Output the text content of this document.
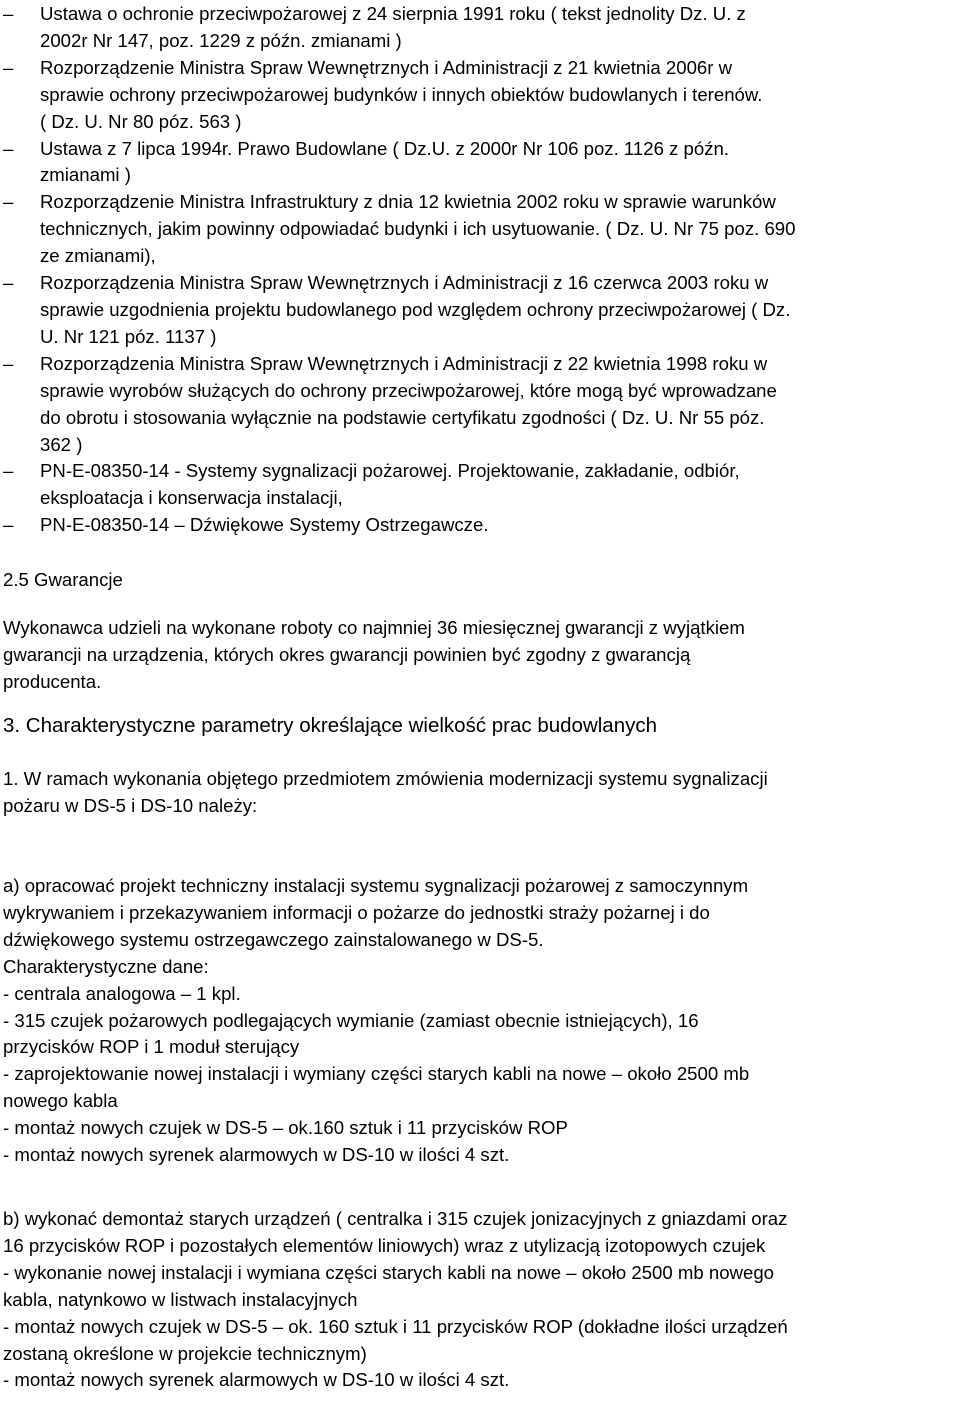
– Ustawa o ochronie przeciwpożarowej z 24 sierpnia 1991 roku ( tekst jednolity Dz. U. z
2002r Nr 147, poz. 1229 z późn. zmianami )
– Rozporządzenie Ministra Spraw Wewnętrznych i Administracji z 21 kwietnia 2006r w
sprawie ochrony przeciwpożarowej budynków i innych obiektów budowlanych i terenów.
( Dz. U. Nr 80 póz. 563 )
– Ustawa z 7 lipca 1994r. Prawo Budowlane ( Dz.U. z 2000r Nr 106 poz. 1126 z późn.
zmianami )
– Rozporządzenie Ministra Infrastruktury z dnia 12 kwietnia 2002 roku w sprawie warunków
technicznych, jakim powinny odpowiadać budynki i ich usytuowanie. ( Dz. U. Nr 75 poz. 690
ze zmianami),
– Rozporządzenia Ministra Spraw Wewnętrznych i Administracji z 16 czerwca 2003 roku w
sprawie uzgodnienia projektu budowlanego pod względem ochrony przeciwpożarowej ( Dz.
U. Nr 121 póz. 1137 )
– Rozporządzenia Ministra Spraw Wewnętrznych i Administracji z 22 kwietnia 1998 roku w
sprawie wyrobów służących do ochrony przeciwpożarowej, które mogą być wprowadzane
do obrotu i stosowania wyłącznie na podstawie certyfikatu zgodności ( Dz. U. Nr 55 póz.
362 )
– PN-E-08350-14 - Systemy sygnalizacji pożarowej. Projektowanie, zakładanie, odbiór,
eksploatacja i konserwacja instalacji,
– PN-E-08350-14 – Dźwiękowe Systemy Ostrzegawcze.
2.5 Gwarancje
Wykonawca udzieli na wykonane roboty co najmniej 36 miesięcznej gwarancji z wyjątkiem
gwarancji na urządzenia, których okres gwarancji powinien być zgodny z gwarancją
producenta.
3. Charakterystyczne parametry określające wielkość prac budowlanych
1. W ramach wykonania objętego przedmiotem zmówienia modernizacji systemu sygnalizacji
pożaru w DS-5 i DS-10 należy:
a) opracować projekt techniczny instalacji systemu sygnalizacji pożarowej z samoczynnym
wykrywaniem i przekazywaniem informacji o pożarze do jednostki straży pożarnej i do
dźwiękowego systemu ostrzegawczego zainstalowanego w DS-5.
Charakterystyczne dane:
- centrala analogowa – 1 kpl.
- 315 czujek pożarowych podlegających wymianie (zamiast obecnie istniejących), 16
przycisków ROP i 1 moduł sterujący
- zaprojektowanie nowej instalacji i wymiany części starych kabli na nowe – około 2500 mb
nowego kabla
- montaż nowych czujek w DS-5 – ok.160 sztuk i 11 przycisków ROP
- montaż nowych syrenek alarmowych w DS-10 w ilości 4 szt.
b) wykonać demontaż starych urządzeń ( centralka i 315 czujek jonizacyjnych z gniazdami oraz
16 przycisków ROP i pozostałych elementów liniowych) wraz z utylizacją izotopowych czujek
- wykonanie nowej instalacji i wymiana części starych kabli na nowe – około 2500 mb nowego
kabla, natynkowo w listwach instalacyjnych
- montaż nowych czujek w DS-5 – ok. 160 sztuk i 11 przycisków ROP (dokładne ilości urządzeń
zostaną określone w projekcie technicznym)
- montaż nowych syrenek alarmowych w DS-10 w ilości 4 szt.
